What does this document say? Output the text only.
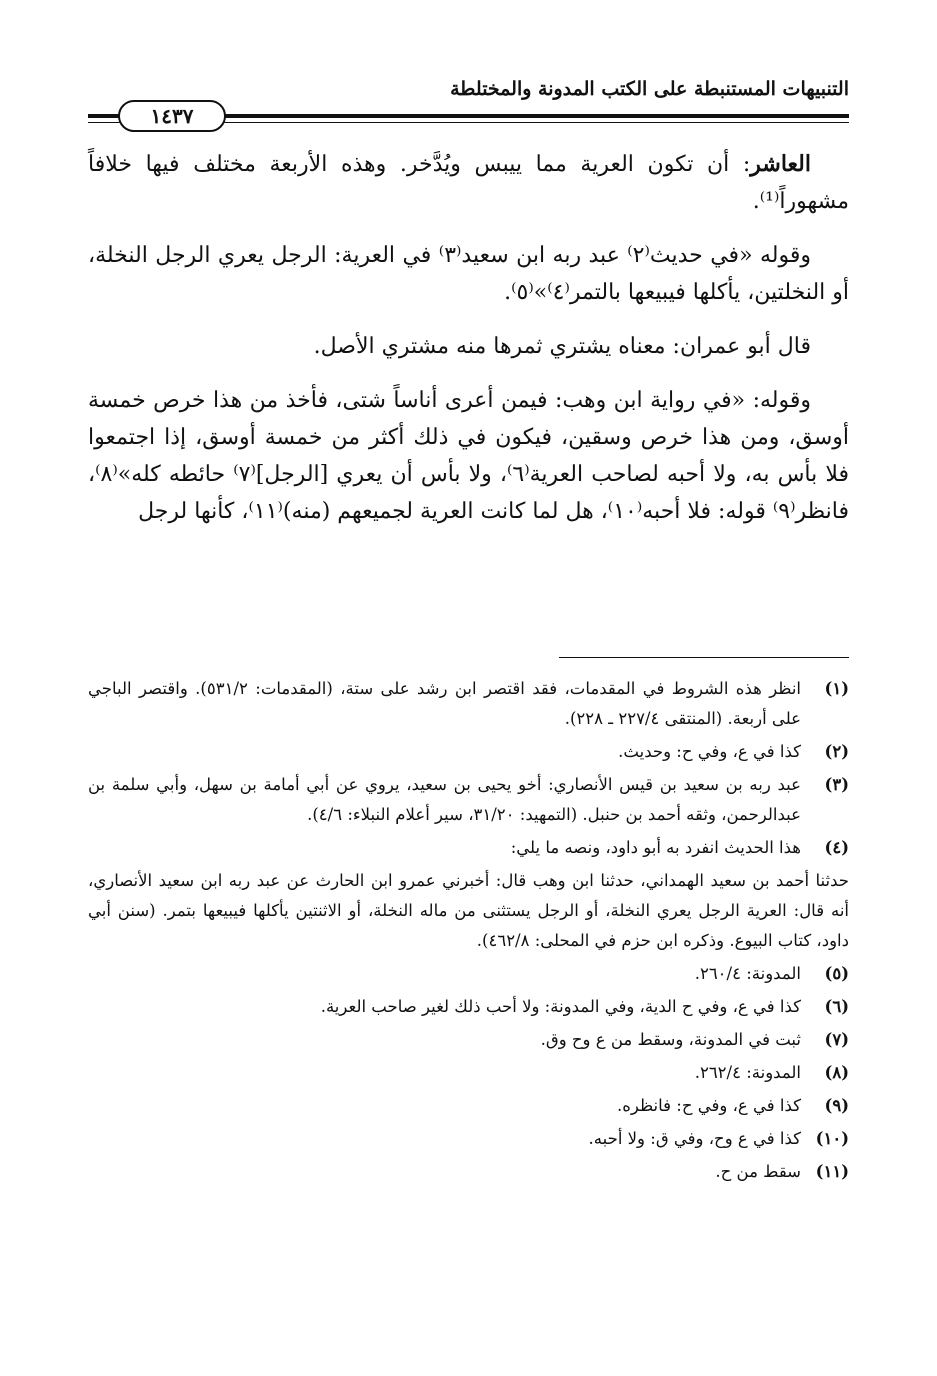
التنبيهات المستنبطة على الكتب المدونة والمختلطة
١٤٣٧

العاشر: أن تكون العرية مما ييبس ويُدَّخر. وهذه الأربعة مختلف فيها خلافاً مشهوراً⁽¹⁾.

وقوله «في حديث⁽٢⁾ عبد ربه ابن سعيد⁽٣⁾ في العرية: الرجل يعري الرجل النخلة، أو النخلتين، يأكلها فيبيعها بالتمر⁽٤⁾»⁽٥⁾.

قال أبو عمران: معناه يشتري ثمرها منه مشتري الأصل.

وقوله: «في رواية ابن وهب: فيمن أعرى أناساً شتى، فأخذ من هذا خرص خمسة أوسق، ومن هذا خرص وسقين، فيكون في ذلك أكثر من خمسة أوسق، إذا اجتمعوا فلا بأس به، ولا أحبه لصاحب العرية⁽٦⁾، ولا بأس أن يعري [الرجل]⁽٧⁾ حائطه كله»⁽٨⁾، فانظر⁽٩⁾ قوله: فلا أحبه⁽١٠⁾، هل لما كانت العرية لجميعهم (منه)⁽١١⁾، كأنها لرجل

(١)
انظر هذه الشروط في المقدمات، فقد اقتصر ابن رشد على ستة، (المقدمات: ٥٣١/٢). واقتصر الباجي على أربعة. (المنتقى ٢٢٧/٤ ـ ٢٢٨).
(٢)
كذا في ع، وفي ح: وحديث.
(٣)
عبد ربه بن سعيد بن قيس الأنصاري: أخو يحيى بن سعيد، يروي عن أبي أمامة بن سهل، وأبي سلمة بن عبدالرحمن، وثقه أحمد بن حنبل. (التمهيد: ٣١/٢٠، سير أعلام النبلاء: ٤/٦).
(٤)
هذا الحديث انفرد به أبو داود، ونصه ما يلي:

حدثنا أحمد بن سعيد الهمداني، حدثنا ابن وهب قال: أخبرني عمرو ابن الحارث عن عبد ربه ابن سعيد الأنصاري، أنه قال: العرية الرجل يعري النخلة، أو الرجل يستثنى من ماله النخلة، أو الاثنتين يأكلها فيبيعها بتمر. (سنن أبي داود، كتاب البيوع. وذكره ابن حزم في المحلى: ٤٦٢/٨).

(٥)
المدونة: ٢٦٠/٤.
(٦)
كذا في ع، وفي ح الدية، وفي المدونة: ولا أحب ذلك لغير صاحب العرية.
(٧)
ثبت في المدونة، وسقط من ع وح وق.
(٨)
المدونة: ٢٦٢/٤.
(٩)
كذا في ع، وفي ح: فانظره.
(١٠)
كذا في ع وح، وفي ق: ولا أحبه.
(١١)
سقط من ح.
